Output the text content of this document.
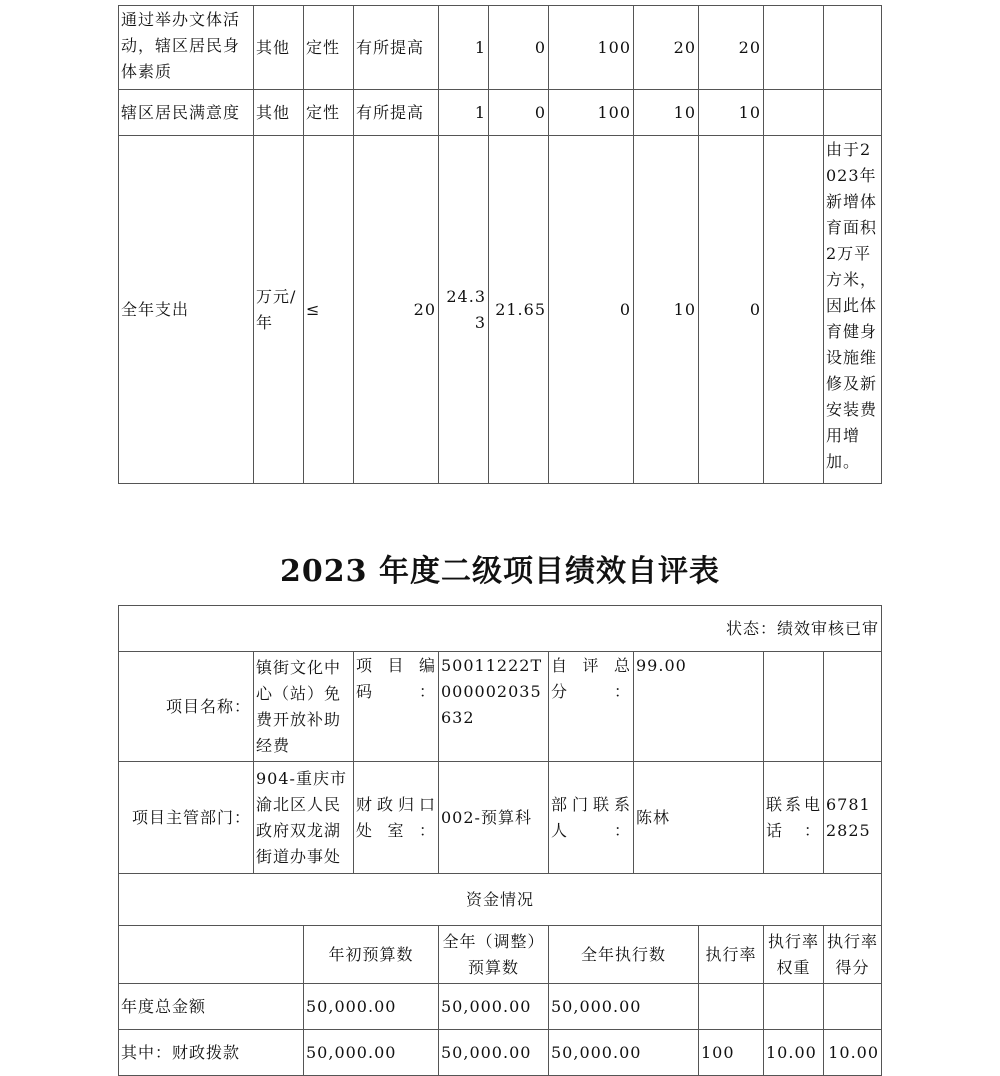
通过举办文体活动，辖区居民身体素质	其他	定性	有所提高	1	0	100	20	20		
辖区居民满意度	其他	定性	有所提高	1	0	100	10	10		
全年支出	万元/年	≤	20	24.33	21.65	0	10	0		由于2023年新增体育面积2万平方米，因此体育健身设施维修及新安装费用增加。
2023 年度二级项目绩效自评表
状态：绩效审核已审									
项目名称：	镇街文化中心（站）免费开放补助经费		项目编码：	50011222T000002035632	自评总分：	99.00			
项目主管部门：	904-重庆市渝北区人民政府双龙湖街道办事处		财政归口处室：	002-预算科	部门联系人：	陈林		联系电话：	67812825
资金情况									
		年初预算数		全年（调整）预算数	全年执行数		执行率	执行率权重	执行率得分
年度总金额		50,000.00		50,000.00	50,000.00				
其中：财政拨款		50,000.00		50,000.00	50,000.00		100	10.00	10.00
